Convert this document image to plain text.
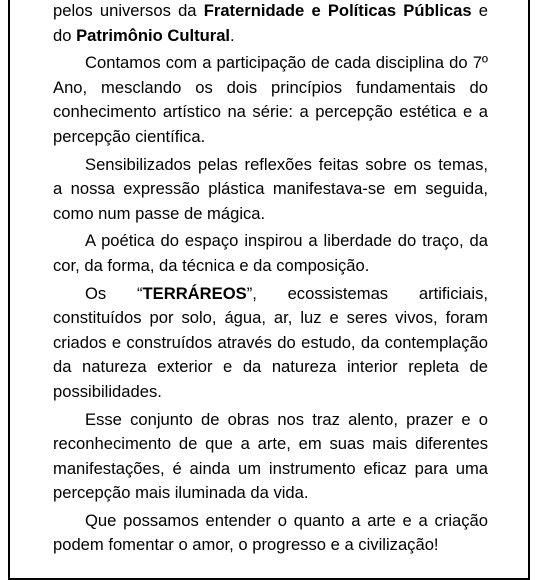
pelos universos da Fraternidade e Políticas Públicas e do Patrimônio Cultural.

Contamos com a participação de cada disciplina do 7º Ano, mesclando os dois princípios fundamentais do conhecimento artístico na série: a percepção estética e a percepção científica.

Sensibilizados pelas reflexões feitas sobre os temas, a nossa expressão plástica manifestava-se em seguida, como num passe de mágica.

A poética do espaço inspirou a liberdade do traço, da cor, da forma, da técnica e da composição.

Os “TERRÁREOS”, ecossistemas artificiais, constituídos por solo, água, ar, luz e seres vivos, foram criados e construídos através do estudo, da contemplação da natureza exterior e da natureza interior repleta de possibilidades.

Esse conjunto de obras nos traz alento, prazer e o reconhecimento de que a arte, em suas mais diferentes manifestações, é ainda um instrumento eficaz para uma percepção mais iluminada da vida.

Que possamos entender o quanto a arte e a criação podem fomentar o amor, o progresso e a civilização!
